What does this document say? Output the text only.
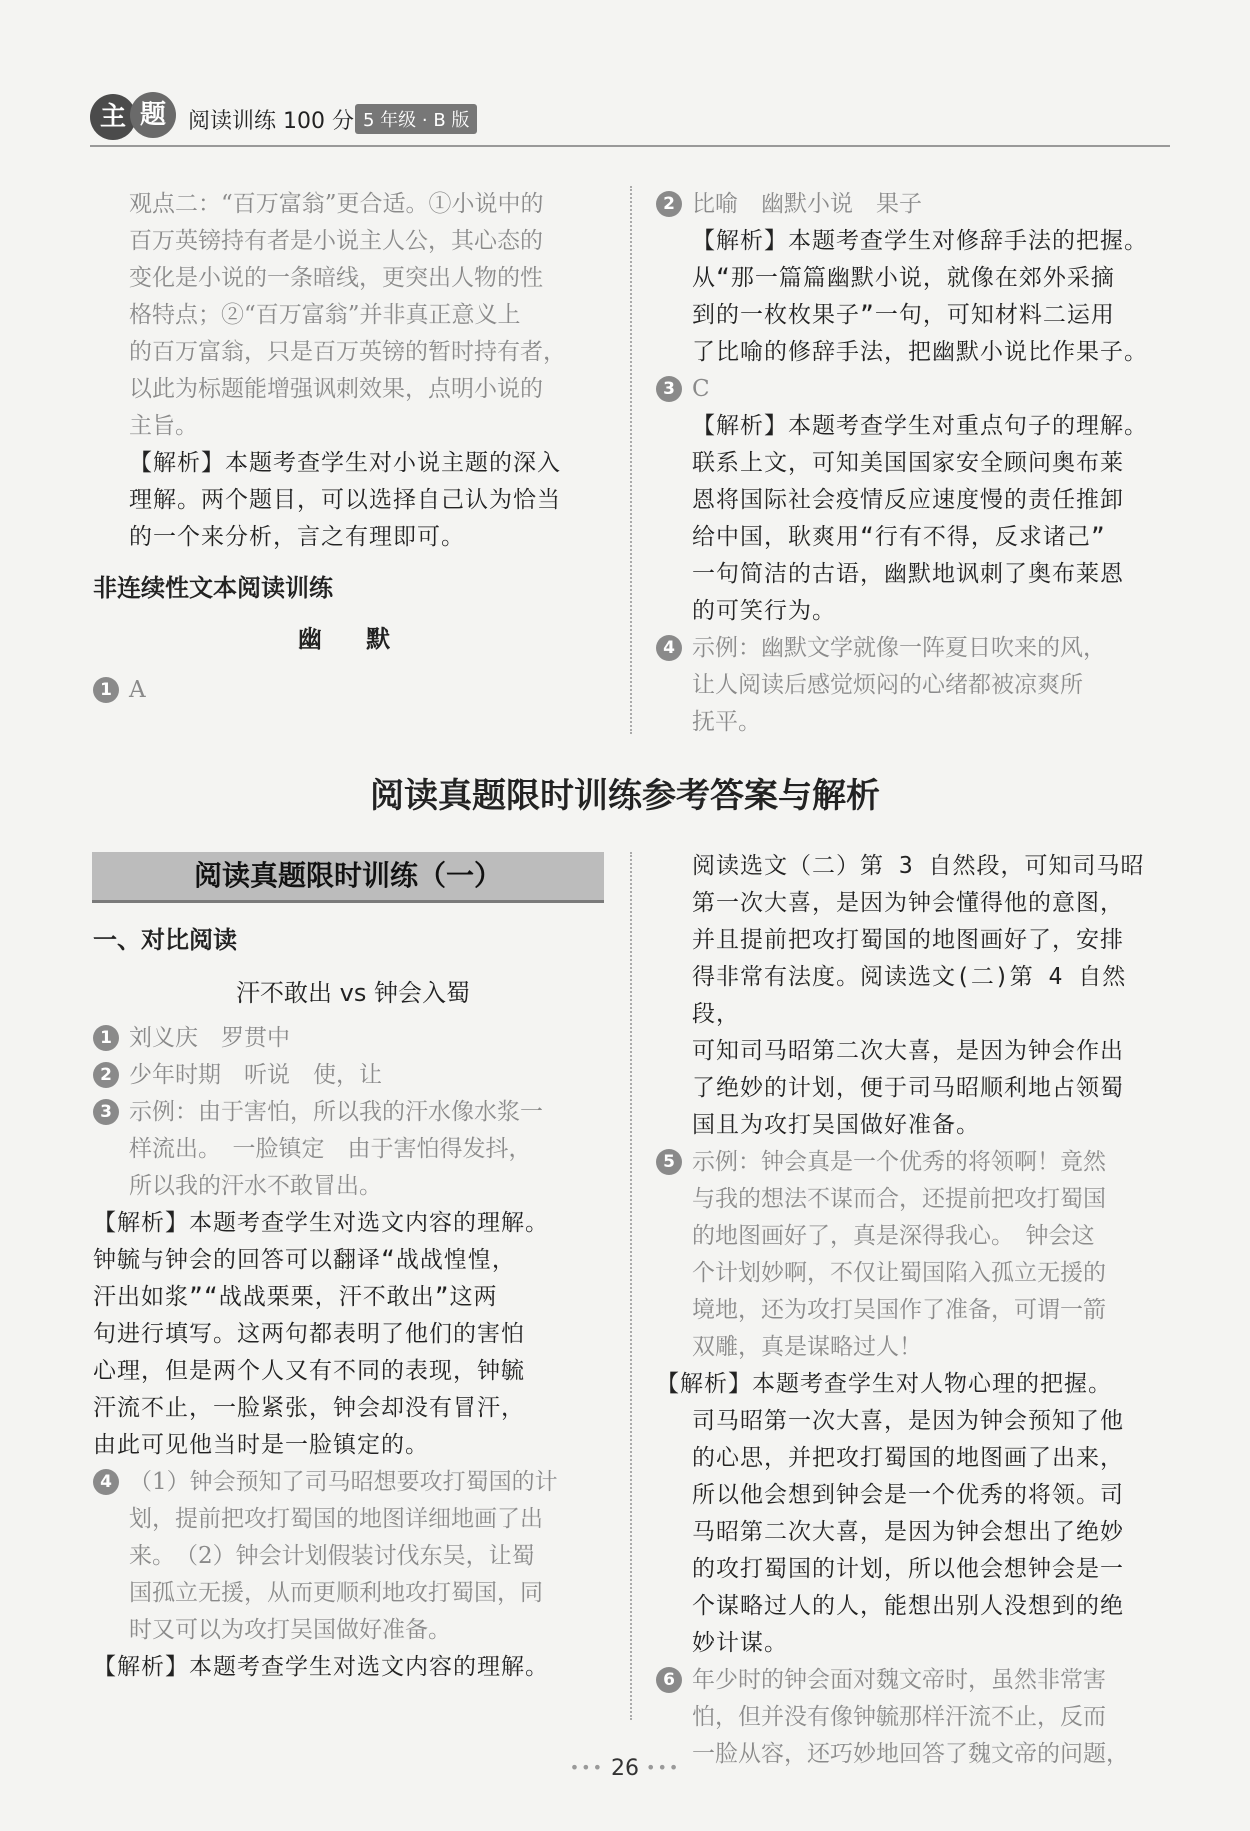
主 题	阅读训练 100 分 5 年级 · B 版

观点二：“百万富翁”更合适。①小说中的

百万英镑持有者是小说主人公，其心态的

变化是小说的一条暗线，更突出人物的性

格特点；②“百万富翁”并非真正意义上

的百万富翁，只是百万英镑的暂时持有者，

以此为标题能增强讽刺效果，点明小说的

主旨。

【解析】本题考查学生对小说主题的深入

理解。两个题目，可以选择自己认为恰当

的一个来分析，言之有理即可。

非连续性文本阅读训练
幽 默
1 A
2 比喻　幽默小说　果子

【解析】本题考查学生对修辞手法的把握。

从“那一篇篇幽默小说，就像在郊外采摘

到的一枚枚果子”一句，可知材料二运用

了比喻的修辞手法，把幽默小说比作果子。

3 C

【解析】本题考查学生对重点句子的理解。

联系上文，可知美国国家安全顾问奥布莱

恩将国际社会疫情反应速度慢的责任推卸

给中国，耿爽用“行有不得，反求诸己”

一句简洁的古语，幽默地讽刺了奥布莱恩

的可笑行为。

4 示例：幽默文学就像一阵夏日吹来的风，

让人阅读后感觉烦闷的心绪都被凉爽所

抚平。

阅读真题限时训练参考答案与解析
阅读真题限时训练（一）
一、对比阅读
汗不敢出 vs 钟会入蜀
1 刘义庆　罗贯中
2 少年时期　听说　使，让

3 示例：由于害怕，所以我的汗水像水浆一

样流出。　一脸镇定　由于害怕得发抖，

所以我的汗水不敢冒出。

【解析】本题考查学生对选文内容的理解。

钟毓与钟会的回答可以翻译“战战惶惶，

汗出如浆”“战战栗栗，汗不敢出”这两

句进行填写。这两句都表明了他们的害怕

心理，但是两个人又有不同的表现，钟毓

汗流不止，一脸紧张，钟会却没有冒汗，

由此可见他当时是一脸镇定的。

4 （1）钟会预知了司马昭想要攻打蜀国的计

划，提前把攻打蜀国的地图详细地画了出

来。　（2）钟会计划假装讨伐东吴，让蜀

国孤立无援，从而更顺利地攻打蜀国，同

时又可以为攻打吴国做好准备。

【解析】本题考查学生对选文内容的理解。

阅读选文（二）第 3 自然段，可知司马昭

第一次大喜，是因为钟会懂得他的意图，

并且提前把攻打蜀国的地图画好了，安排

得非常有法度。阅读选文(二)第 4 自然段，

可知司马昭第二次大喜，是因为钟会作出

了绝妙的计划，便于司马昭顺利地占领蜀

国且为攻打吴国做好准备。

5 示例：钟会真是一个优秀的将领啊！竟然

与我的想法不谋而合，还提前把攻打蜀国

的地图画好了，真是深得我心。　钟会这

个计划妙啊，不仅让蜀国陷入孤立无援的

境地，还为攻打吴国作了准备，可谓一箭

双雕，真是谋略过人！

【解析】本题考查学生对人物心理的把握。

司马昭第一次大喜，是因为钟会预知了他

的心思，并把攻打蜀国的地图画了出来，

所以他会想到钟会是一个优秀的将领。司

马昭第二次大喜，是因为钟会想出了绝妙

的攻打蜀国的计划，所以他会想钟会是一

个谋略过人的人，能想出别人没想到的绝

妙计谋。

6 年少时的钟会面对魏文帝时，虽然非常害

怕，但并没有像钟毓那样汗流不止，反而

一脸从容，还巧妙地回答了魏文帝的问题，

••• 26 •••
